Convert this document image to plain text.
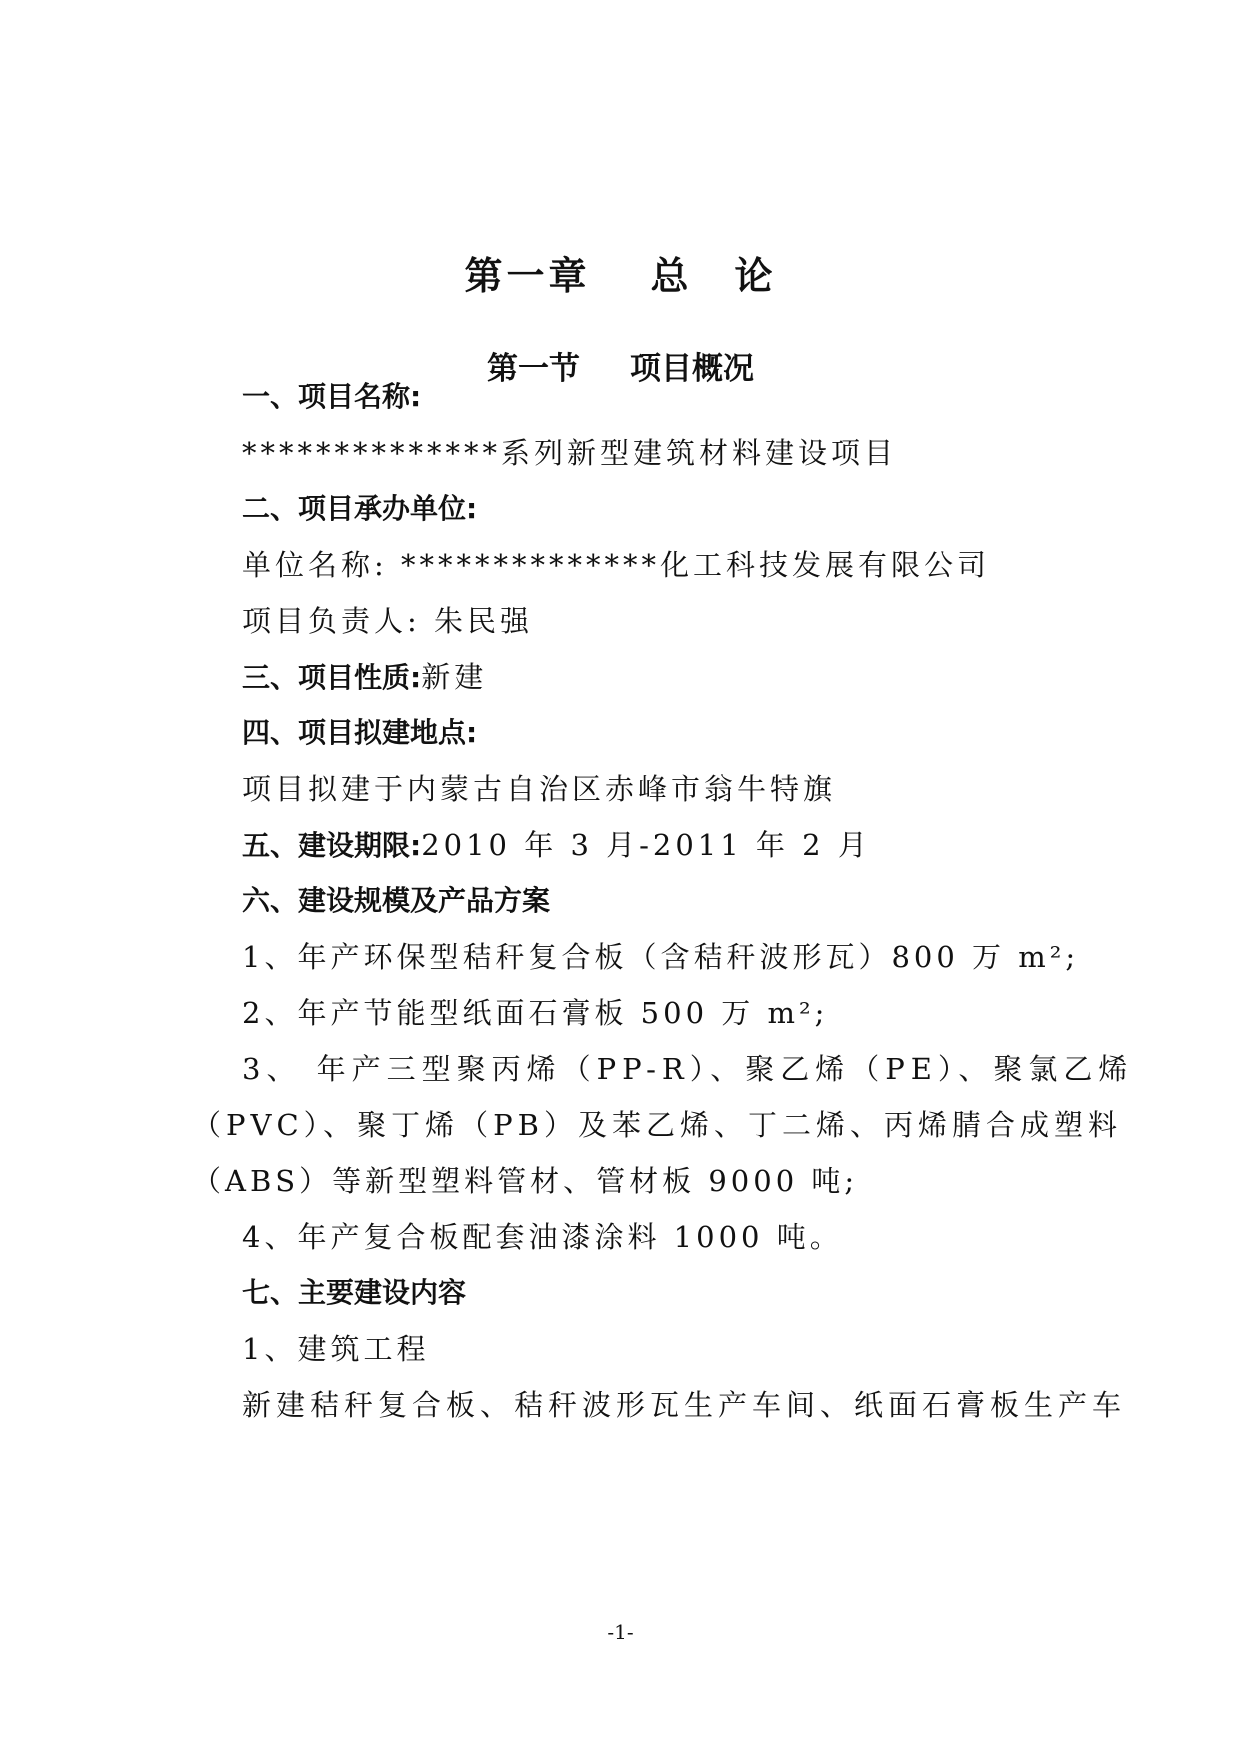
第一章 总　论
第一节 项目概况
一、项目名称:
**************系列新型建筑材料建设项目
二、项目承办单位:
单位名称: **************化工科技发展有限公司
项目负责人: 朱民强
三、项目性质:新建
四、项目拟建地点:
项目拟建于内蒙古自治区赤峰市翁牛特旗
五、建设期限:2010 年 3 月-2011 年 2 月
六、建设规模及产品方案
1、年产环保型秸秆复合板（含秸秆波形瓦）800 万 m²;
2、年产节能型纸面石膏板 500 万 m²;
3、 年产三型聚丙烯（PP-R）、聚乙烯（PE）、聚氯乙烯
（PVC）、聚丁烯（PB）及苯乙烯、丁二烯、丙烯腈合成塑料
（ABS）等新型塑料管材、管材板 9000 吨;
4、年产复合板配套油漆涂料 1000 吨。
七、主要建设内容
1、建筑工程
新建秸秆复合板、秸秆波形瓦生产车间、纸面石膏板生产车
-1-
